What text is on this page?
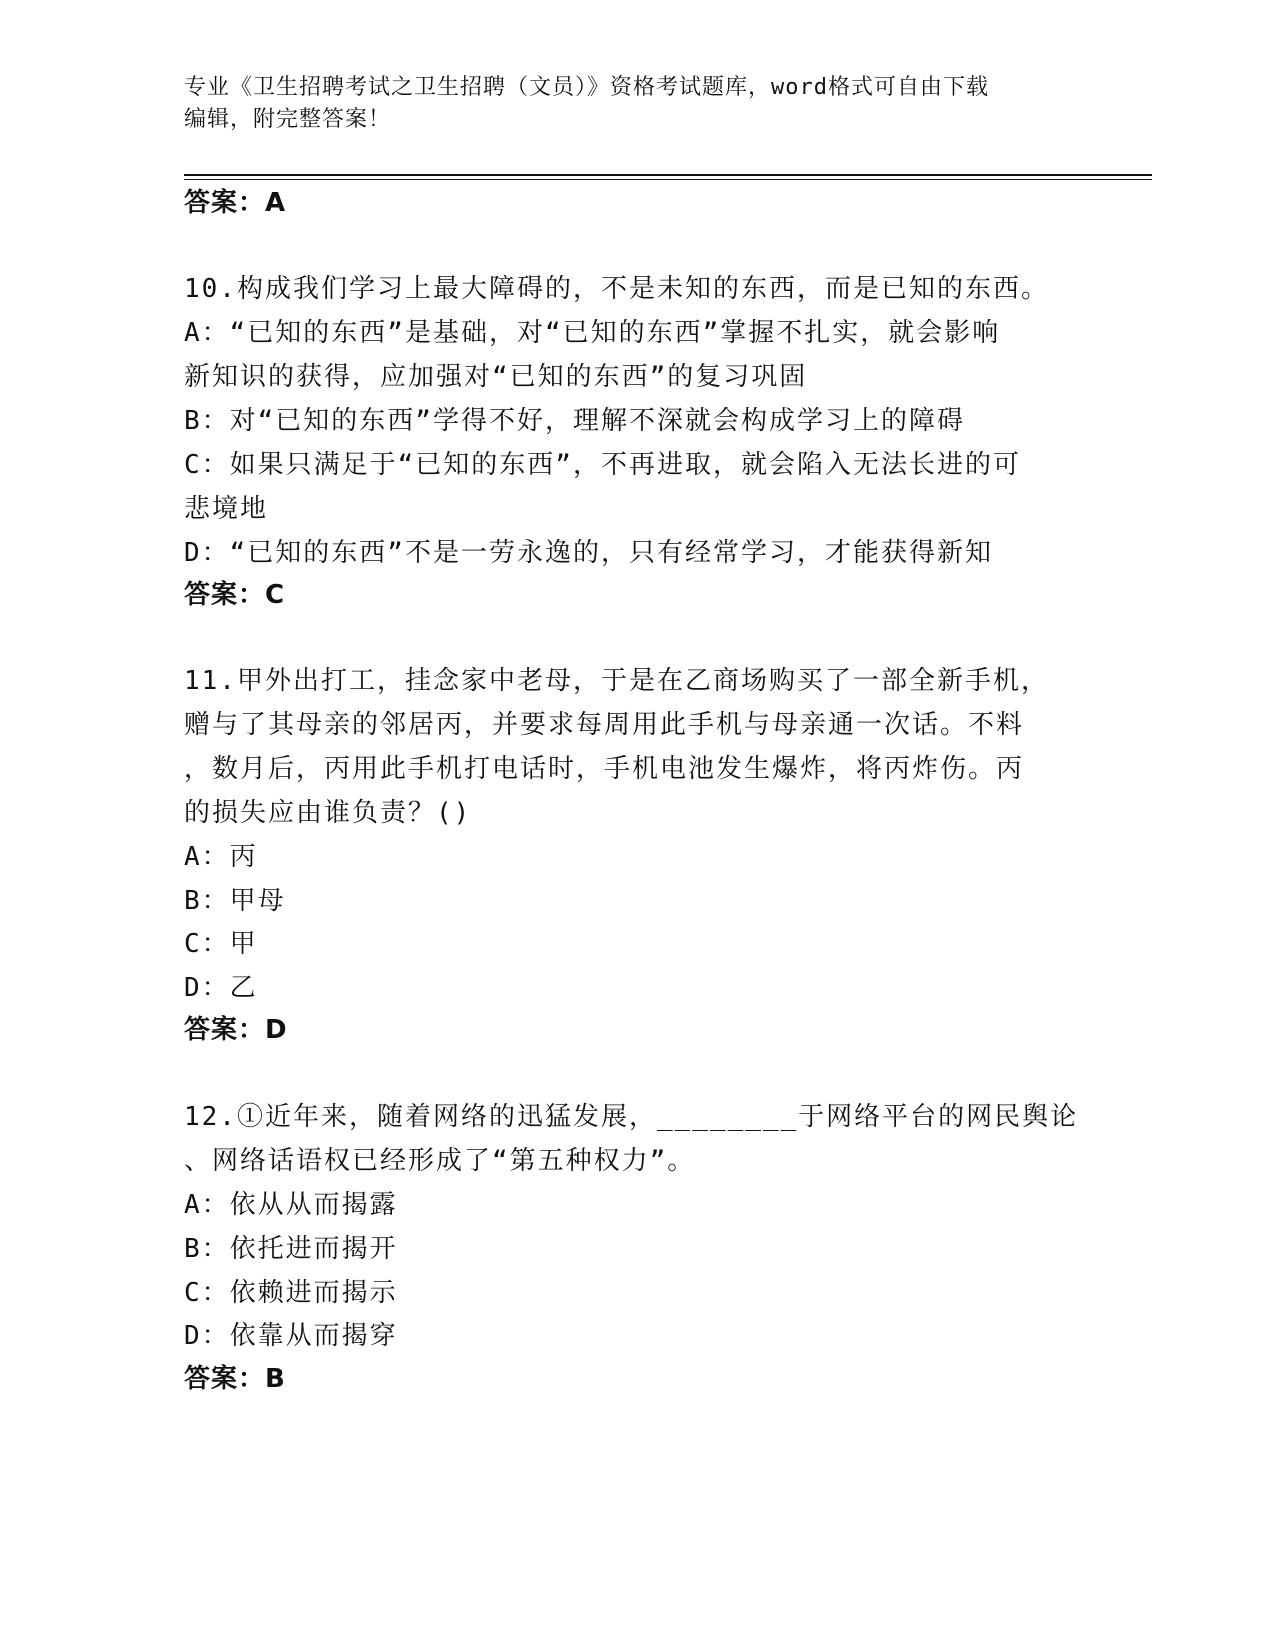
专业《卫生招聘考试之卫生招聘（文员）》资格考试题库，word格式可自由下载
编辑，附完整答案！
答案：A
10.构成我们学习上最大障碍的，不是未知的东西，而是已知的东西。
A：“已知的东西”是基础，对“已知的东西”掌握不扎实，就会影响
新知识的获得，应加强对“已知的东西”的复习巩固
B：对“已知的东西”学得不好，理解不深就会构成学习上的障碍
C：如果只满足于“已知的东西”，不再进取，就会陷入无法长进的可
悲境地
D：“已知的东西”不是一劳永逸的，只有经常学习，才能获得新知
答案：C
11.甲外出打工，挂念家中老母，于是在乙商场购买了一部全新手机，
赠与了其母亲的邻居丙，并要求每周用此手机与母亲通一次话。不料
，数月后，丙用此手机打电话时，手机电池发生爆炸，将丙炸伤。丙
的损失应由谁负责？()
A：丙
B：甲母
C：甲
D：乙
答案：D
12.①近年来，随着网络的迅猛发展，________于网络平台的网民舆论
、网络话语权已经形成了“第五种权力”。
A：依从从而揭露
B：依托进而揭开
C：依赖进而揭示
D：依靠从而揭穿
答案：B
